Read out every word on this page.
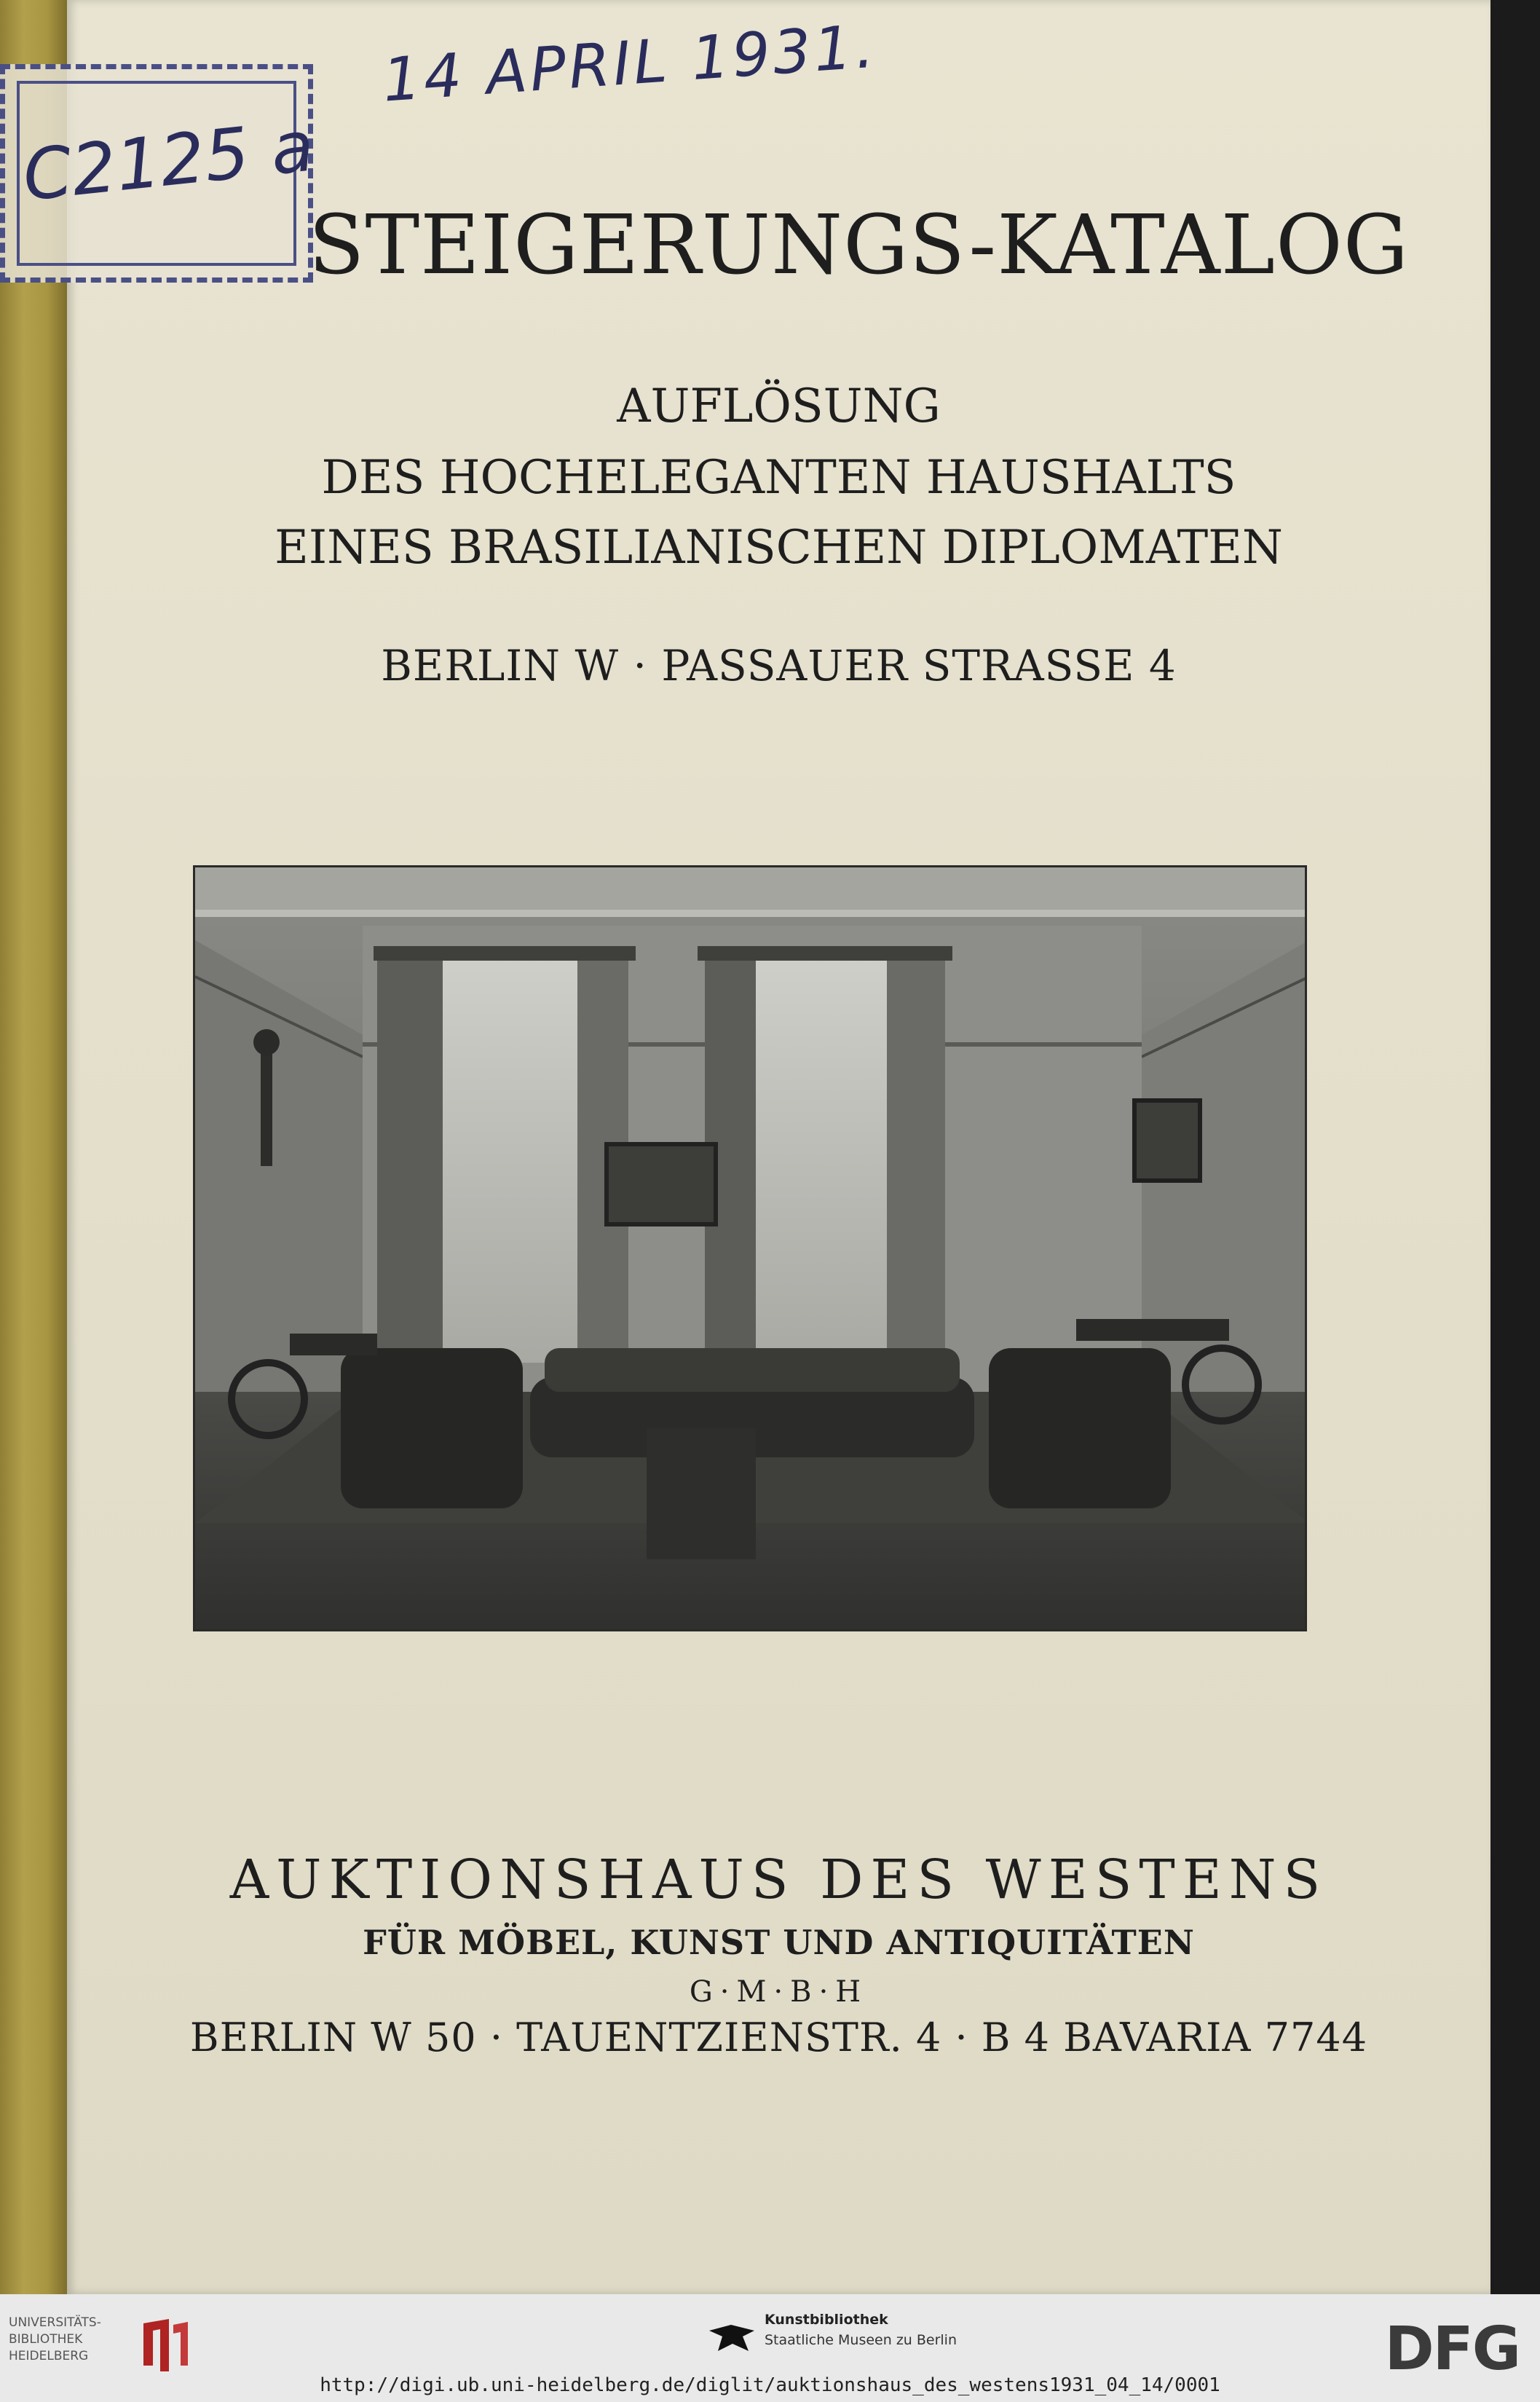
14 APRIL 1931.
C2125 a
STEIGERUNGS-KATALOG
AUFLÖSUNG
DES HOCHELEGANTEN HAUSHALTS
EINES BRASILIANISCHEN DIPLOMATEN
BERLIN W · PASSAUER STRASSE 4
AUKTIONSHAUS DES WESTENS
FÜR MÖBEL, KUNST UND ANTIQUITÄTEN
G·M·B·H
BERLIN W 50 · TAUENTZIENSTR. 4 · B 4 BAVARIA 7744
UNIVERSITÄTS-
BIBLIOTHEK
HEIDELBERG
Kunstbibliothek
Staatliche Museen zu Berlin	DFG
http://digi.ub.uni-heidelberg.de/diglit/auktionshaus_des_westens1931_04_14/0001
